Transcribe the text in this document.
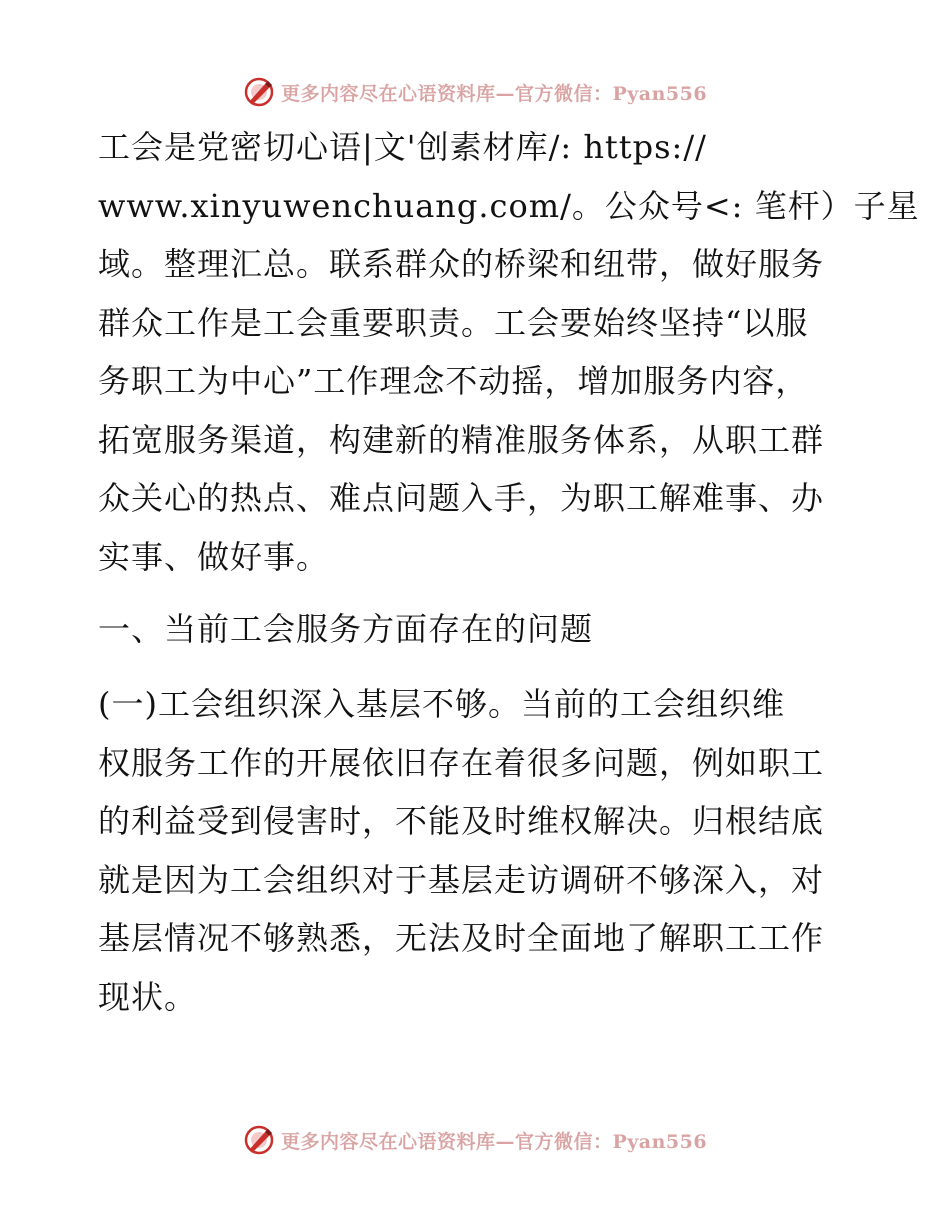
更多内容尽在心语资料库—官方微信：Pyan556
工会是党密切心语|文'创素材库/: https://
www.xinyuwenchuang.com/。公众号<: 笔杆）子星
域。整理汇总。联系群众的桥梁和纽带，做好服务
群众工作是工会重要职责。工会要始终坚持“以服
务职工为中心”工作理念不动摇，增加服务内容，
拓宽服务渠道，构建新的精准服务体系，从职工群
众关心的热点、难点问题入手，为职工解难事、办
实事、做好事。
一、当前工会服务方面存在的问题
(一)工会组织深入基层不够。当前的工会组织维
权服务工作的开展依旧存在着很多问题，例如职工
的利益受到侵害时，不能及时维权解决。归根结底
就是因为工会组织对于基层走访调研不够深入，对
基层情况不够熟悉，无法及时全面地了解职工工作
现状。
更多内容尽在心语资料库—官方微信：Pyan556
